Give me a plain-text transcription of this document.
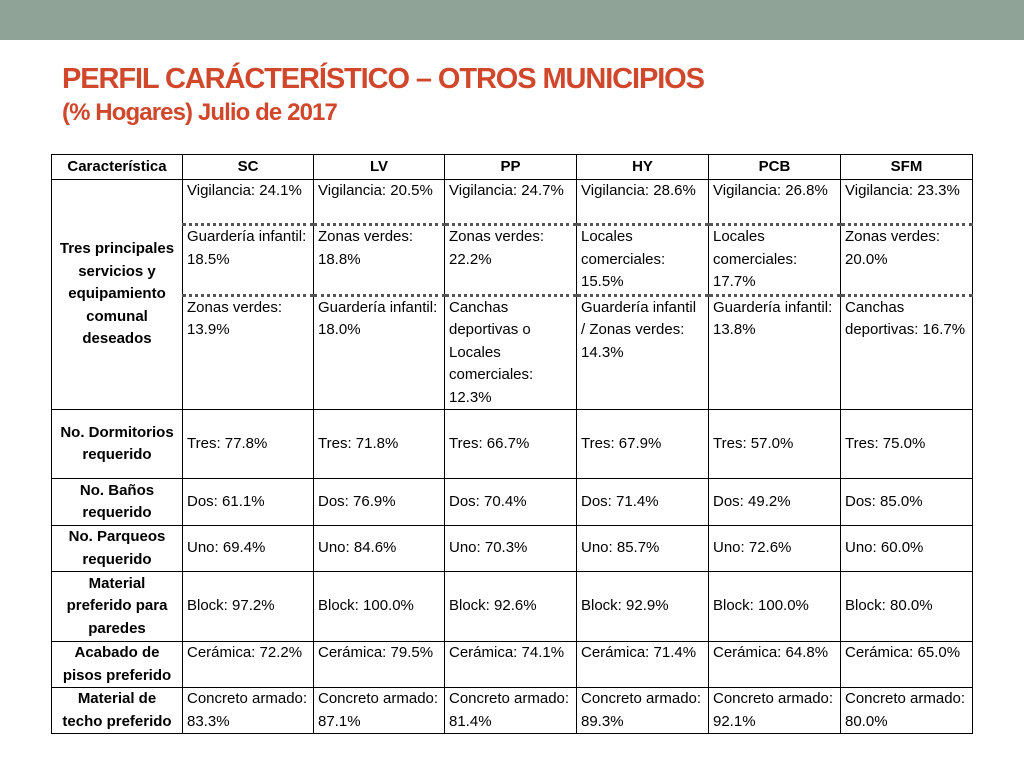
PERFIL CARÁCTERÍSTICO – OTROS MUNICIPIOS
(% Hogares) Julio de 2017
Característica	SC	LV	PP	HY	PCB	SFM
Tres principales servicios y equipamiento comunal deseados	Vigilancia: 24.1%	Vigilancia: 20.5%	Vigilancia: 24.7%	Vigilancia: 28.6%	Vigilancia: 26.8%	Vigilancia: 23.3%
	Guardería infantil: 18.5%	Zonas verdes: 18.8%	Zonas verdes: 22.2%	Locales comerciales: 15.5%	Locales comerciales: 17.7%	Zonas verdes: 20.0%
	Zonas verdes: 13.9%	Guardería infantil: 18.0%	Canchas deportivas o Locales comerciales: 12.3%	Guardería infantil / Zonas verdes: 14.3%	Guardería infantil: 13.8%	Canchas deportivas: 16.7%
No. Dormitorios requerido	Tres: 77.8%	Tres: 71.8%	Tres: 66.7%	Tres: 67.9%	Tres: 57.0%	Tres: 75.0%
No. Baños requerido	Dos: 61.1%	Dos: 76.9%	Dos: 70.4%	Dos: 71.4%	Dos: 49.2%	Dos: 85.0%
No. Parqueos requerido	Uno: 69.4%	Uno: 84.6%	Uno: 70.3%	Uno: 85.7%	Uno: 72.6%	Uno: 60.0%
Material preferido para paredes	Block: 97.2%	Block: 100.0%	Block: 92.6%	Block: 92.9%	Block: 100.0%	Block: 80.0%
Acabado de pisos preferido	Cerámica: 72.2%	Cerámica: 79.5%	Cerámica: 74.1%	Cerámica: 71.4%	Cerámica: 64.8%	Cerámica: 65.0%
Material de techo preferido	Concreto armado: 83.3%	Concreto armado: 87.1%	Concreto armado: 81.4%	Concreto armado: 89.3%	Concreto armado: 92.1%	Concreto armado: 80.0%
